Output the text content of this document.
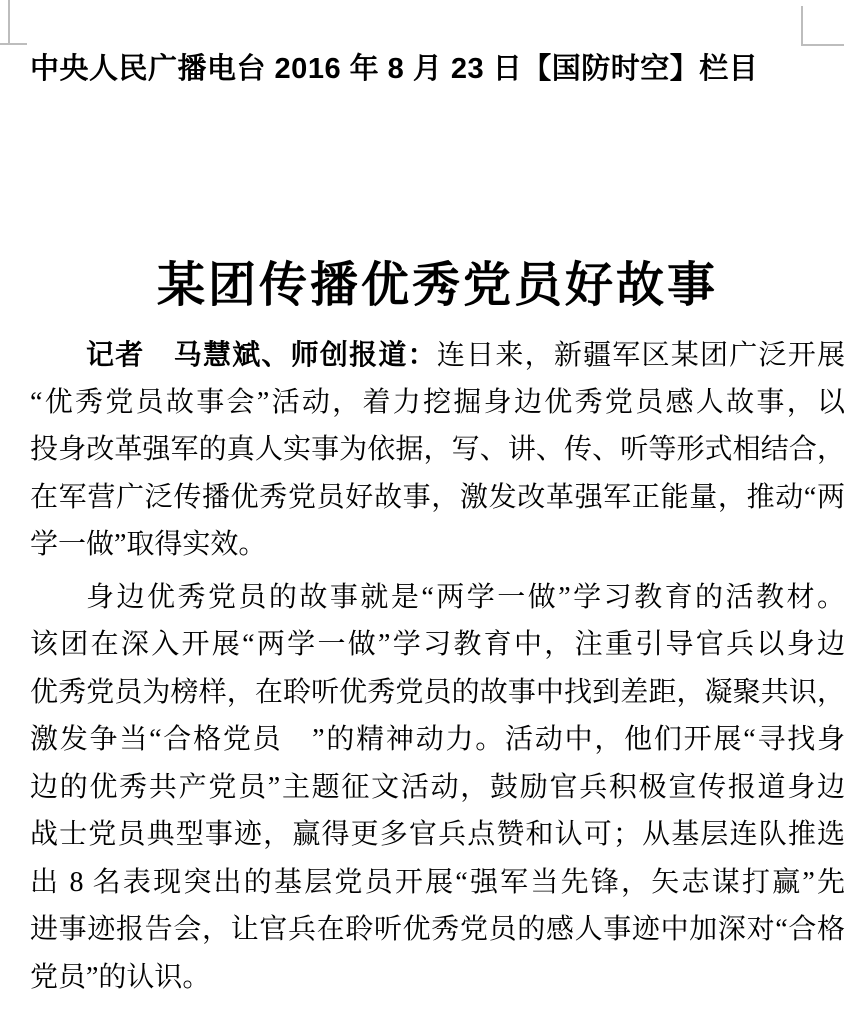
中央人民广播电台 2016 年 8 月 23 日【国防时空】栏目
某团传播优秀党员好故事
记者　马慧斌、师创报道：连日来，新疆军区某团广泛开展
“优秀党员故事会”活动，着力挖掘身边优秀党员感人故事，以
投身改革强军的真人实事为依据，写、讲、传、听等形式相结合，
在军营广泛传播优秀党员好故事，激发改革强军正能量，推动“两
学一做”取得实效。
身边优秀党员的故事就是“两学一做”学习教育的活教材。
该团在深入开展“两学一做”学习教育中，注重引导官兵以身边
优秀党员为榜样，在聆听优秀党员的故事中找到差距，凝聚共识，
激发争当“合格党员　”的精神动力。活动中，他们开展“寻找身
边的优秀共产党员”主题征文活动，鼓励官兵积极宣传报道身边
战士党员典型事迹，赢得更多官兵点赞和认可；从基层连队推选
出 8 名表现突出的基层党员开展“强军当先锋，矢志谋打赢”先
进事迹报告会，让官兵在聆听优秀党员的感人事迹中加深对“合格
党员”的认识。
